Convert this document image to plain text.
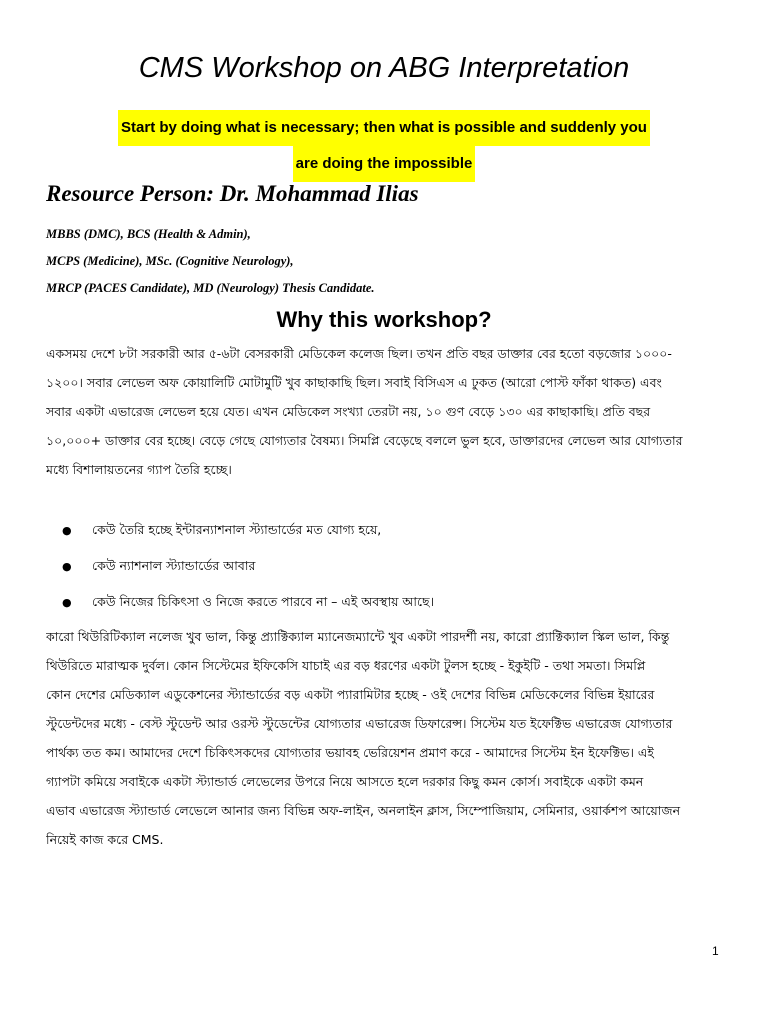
CMS Workshop on ABG Interpretation
Start by doing what is necessary; then what is possible and suddenly you
are doing the impossible
Resource Person: Dr. Mohammad Ilias
MBBS (DMC), BCS (Health & Admin),
MCPS (Medicine), MSc. (Cognitive Neurology),
MRCP (PACES Candidate), MD (Neurology) Thesis Candidate.
Why this workshop?
একসময় দেশে ৮টা সরকারী আর ৫-৬টা বেসরকারী মেডিকেল কলেজ ছিল। তখন প্রতি বছর ডাক্তার বের হতো বড়জোর ১০০০-
১২০০। সবার লেভেল অফ কোয়ালিটি মোটামুটি খুব কাছাকাছি ছিল। সবাই বিসিএস এ ঢুকত (আরো পোস্ট ফাঁকা থাকত) এবং
সবার একটা এভারেজ লেভেল হয়ে যেত। এখন মেডিকেল সংখ্যা তেরটা নয়, ১০ গুণ বেড়ে ১৩০ এর কাছাকাছি। প্রতি বছর
১০,০০০+ ডাক্তার বের হচ্ছে। বেড়ে গেছে যোগ্যতার বৈষম্য। সিমপ্লি বেড়েছে বললে ভুল হবে, ডাক্তারদের লেভেল আর যোগ্যতার
মধ্যে বিশালায়তনের গ্যাপ তৈরি হচ্ছে।
● কেউ তৈরি হচ্ছে ইন্টারন্যাশনাল স্ট্যান্ডার্ডের মত যোগ্য হয়ে,
● কেউ ন্যাশনাল স্ট্যান্ডার্ডের আবার
● কেউ নিজের চিকিৎসা ও নিজে করতে পারবে না – এই অবস্থায় আছে।
কারো থিউরিটিক্যাল নলেজ খুব ভাল, কিন্তু প্র্যাক্টিক্যাল ম্যানেজম্যান্টে খুব একটা পারদর্শী নয়, কারো প্র্যাক্টিক্যাল স্কিল ভাল, কিন্তু
থিউরিতে মারাত্মক দুর্বল। কোন সিস্টেমের ইফিকেসি যাচাই এর বড় ধরণের একটা টুলস হচ্ছে - ইকুইটি - তথা সমতা। সিমপ্লি
কোন দেশের মেডিক্যাল এডুকেশনের স্ট্যান্ডার্ডের বড় একটা প্যারামিটার হচ্ছে - ওই দেশের বিভিন্ন মেডিকেলের বিভিন্ন ইয়ারের
স্টুডেন্টদের মধ্যে - বেস্ট স্টুডেন্ট আর ওরস্ট স্টুডেন্টের যোগ্যতার এভারেজ ডিফারেন্স। সিস্টেম যত ইফেক্টিভ এভারেজ যোগ্যতার
পার্থক্য তত কম। আমাদের দেশে চিকিৎসকদের যোগ্যতার ভয়াবহ ভেরিয়েশন প্রমাণ করে - আমাদের সিস্টেম ইন ইফেক্টিভ। এই
গ্যাপটা কমিয়ে সবাইকে একটা স্ট্যান্ডার্ড লেভেলের উপরে নিয়ে আসতে হলে দরকার কিছু কমন কোর্স। সবাইকে একটা কমন
এভাব এভারেজ স্ট্যান্ডার্ড লেভেলে আনার জন্য বিভিন্ন অফ-লাইন, অনলাইন ক্লাস, সিম্পোজিয়াম, সেমিনার, ওয়ার্কশপ আয়োজন
নিয়েই কাজ করে CMS.
1
